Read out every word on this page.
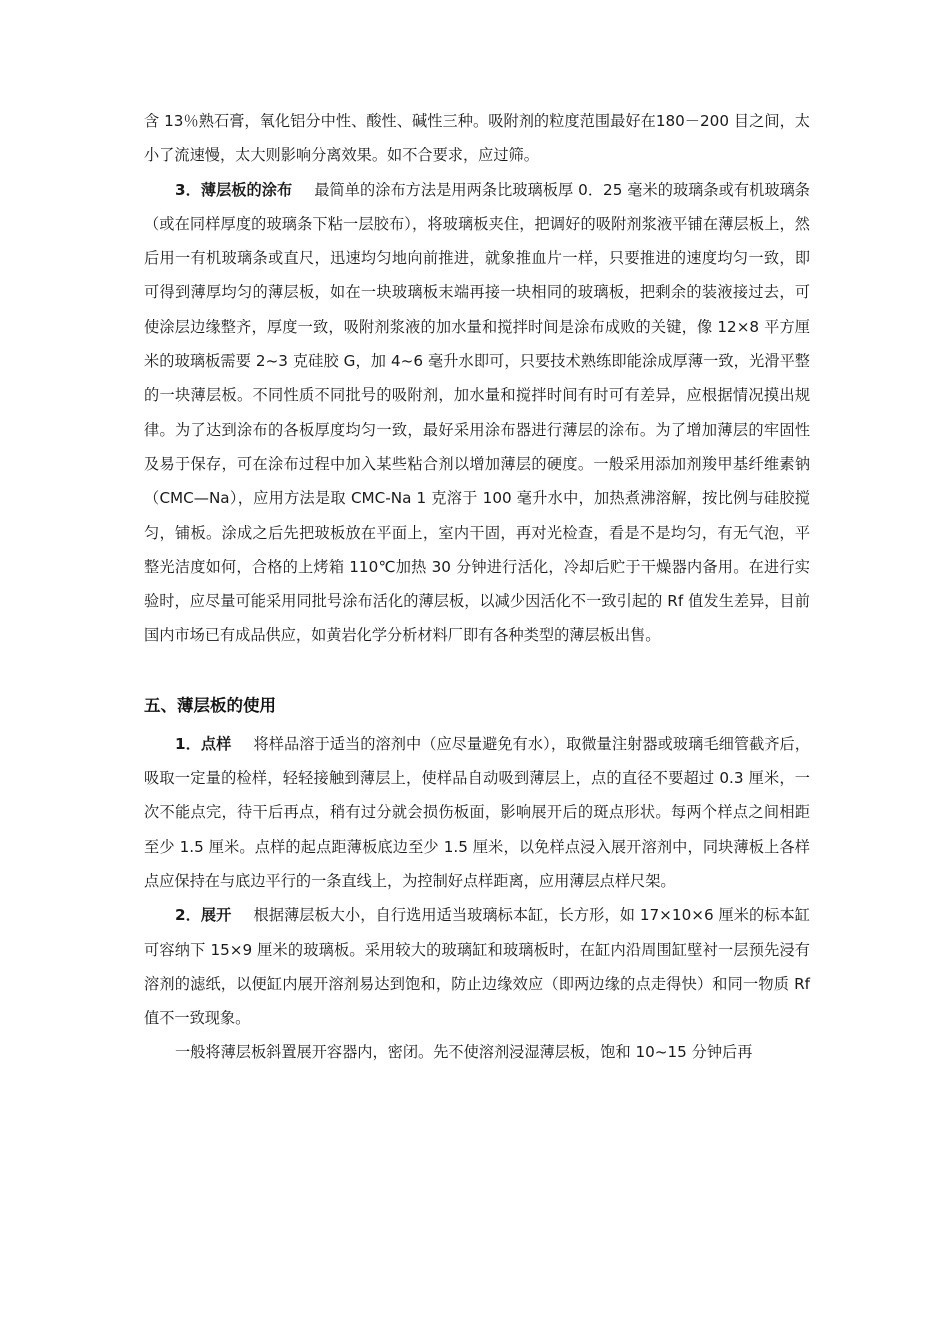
含 13％熟石膏，氧化铝分中性、酸性、碱性三种。吸附剂的粒度范围最好在180－200 目之间，太小了流速慢，太大则影响分离效果。如不合要求，应过筛。

3．薄层板的涂布 最简单的涂布方法是用两条比玻璃板厚 0．25 毫米的玻璃条或有机玻璃条（或在同样厚度的玻璃条下粘一层胶布），将玻璃板夹住，把调好的吸附剂浆液平铺在薄层板上，然后用一有机玻璃条或直尺，迅速均匀地向前推进，就象推血片一样，只要推进的速度均匀一致，即可得到薄厚均匀的薄层板，如在一块玻璃板末端再接一块相同的玻璃板，把剩余的装液接过去，可使涂层边缘整齐，厚度一致，吸附剂浆液的加水量和搅拌时间是涂布成败的关键，像 12×8 平方厘米的玻璃板需要 2~3 克硅胶 G，加 4~6 毫升水即可，只要技术熟练即能涂成厚薄一致，光滑平整的一块薄层板。不同性质不同批号的吸附剂，加水量和搅拌时间有时可有差异，应根据情况摸出规律。为了达到涂布的各板厚度均匀一致，最好采用涂布器进行薄层的涂布。为了增加薄层的牢固性及易于保存，可在涂布过程中加入某些粘合剂以增加薄层的硬度。一般采用添加剂羧甲基纤维素钠（CMC—Na），应用方法是取 CMC-Na 1 克溶于 100 毫升水中，加热煮沸溶解，按比例与硅胶搅匀，铺板。涂成之后先把玻板放在平面上，室内干固，再对光检查，看是不是均匀，有无气泡，平整光洁度如何，合格的上烤箱 110℃加热 30 分钟进行活化，冷却后贮于干燥器内备用。在进行实验时，应尽量可能采用同批号涂布活化的薄层板，以减少因活化不一致引起的 Rf 值发生差异，目前国内市场已有成品供应，如黄岩化学分析材料厂即有各种类型的薄层板出售。

五、薄层板的使用

1．点样 将样品溶于适当的溶剂中（应尽量避免有水），取微量注射器或玻璃毛细管截齐后，吸取一定量的检样，轻轻接触到薄层上，使样品自动吸到薄层上，点的直径不要超过 0.3 厘米，一次不能点完，待干后再点，稍有过分就会损伤板面，影响展开后的斑点形状。每两个样点之间相距至少 1.5 厘米。点样的起点距薄板底边至少 1.5 厘米，以免样点浸入展开溶剂中，同块薄板上各样点应保持在与底边平行的一条直线上，为控制好点样距离，应用薄层点样尺架。

2．展开 根据薄层板大小，自行选用适当玻璃标本缸，长方形，如 17×10×6 厘米的标本缸可容纳下 15×9 厘米的玻璃板。采用较大的玻璃缸和玻璃板时，在缸内沿周围缸壁衬一层预先浸有溶剂的滤纸，以便缸内展开溶剂易达到饱和，防止边缘效应（即两边缘的点走得快）和同一物质 Rf 值不一致现象。

一般将薄层板斜置展开容器内，密闭。先不使溶剂浸湿薄层板，饱和 10~15 分钟后再
